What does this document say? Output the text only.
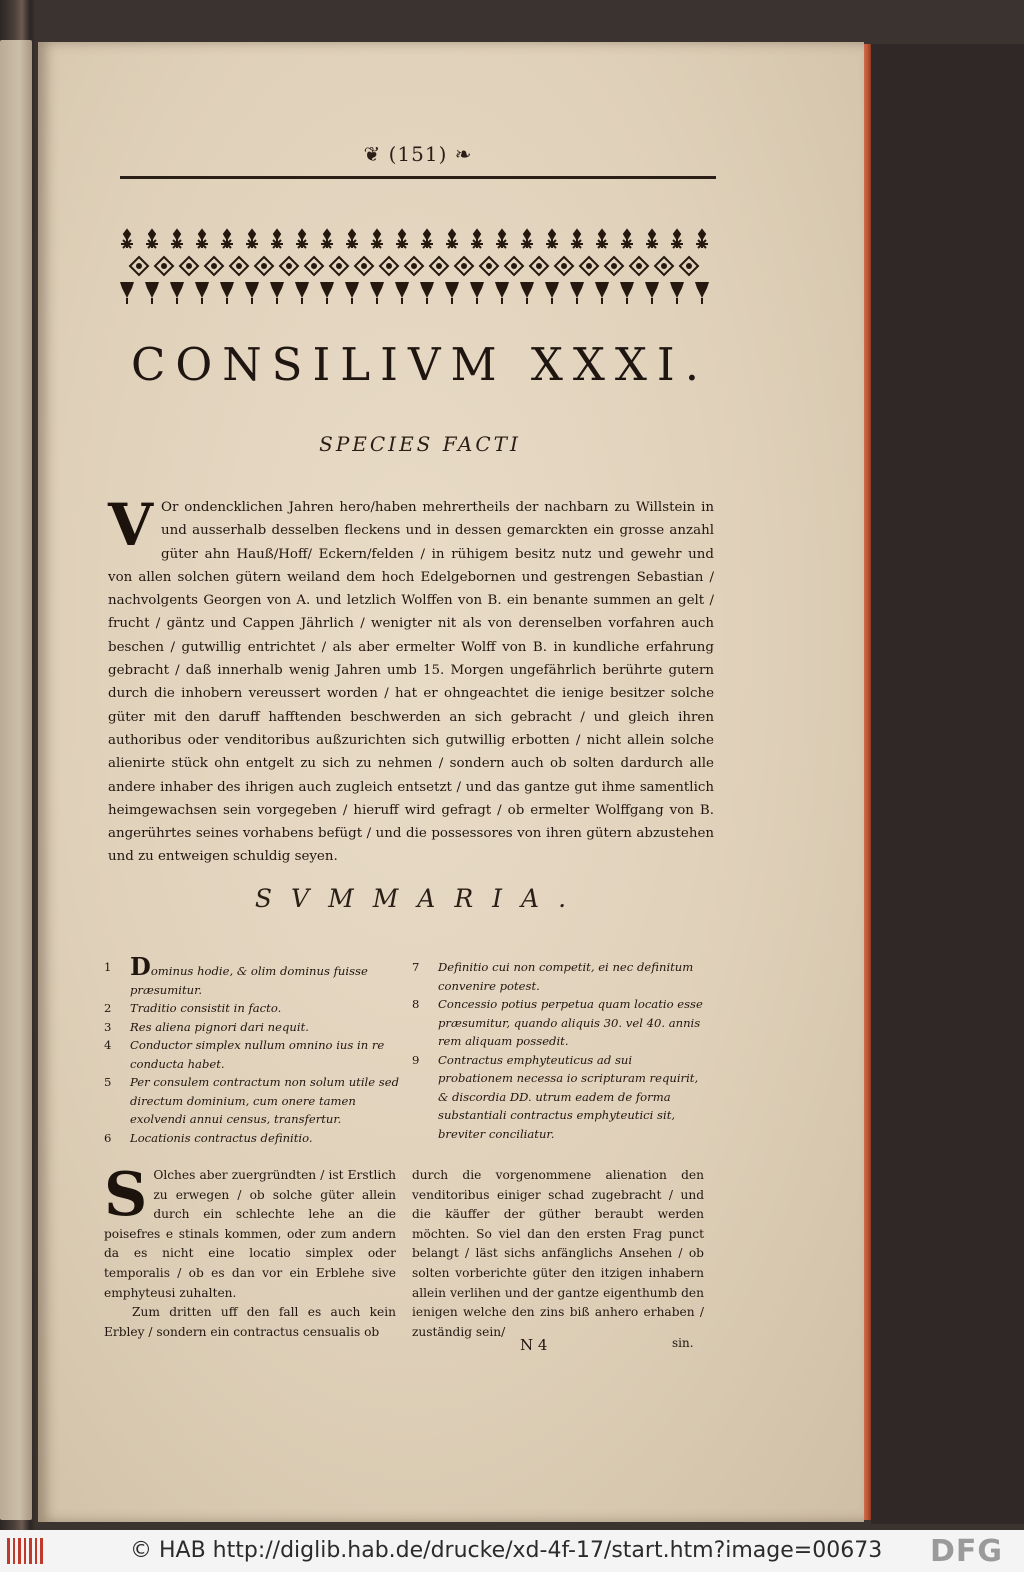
❦ (151) ❧
CONSILIVM XXXI.
SPECIES FACTI
V Or ondencklichen Jahren hero/haben mehrertheils der nachbarn zu Willstein in und ausserhalb desselben fleckens und in dessen gemarckten ein grosse anzahl güter ahn Hauß/Hoff/ Eckern/felden / in rühigem besitz nutz und gewehr und von allen solchen gütern weiland dem hoch Edelgebornen und gestrengen Sebastian / nachvolgents Georgen von A. und letzlich Wolffen von B. ein benante summen an gelt / frucht / gäntz und Cappen Jährlich / wenigter nit als von derenselben vorfahren auch beschen / gutwillig entrichtet / als aber ermelter Wolff von B. in kundliche erfahrung gebracht / daß innerhalb wenig Jahren umb 15. Morgen ungefährlich berührte gutern durch die inhobern vereussert worden / hat er ohngeachtet die ienige besitzer solche güter mit den daruff hafftenden beschwerden an sich gebracht / und gleich ihren authoribus oder venditoribus außzurichten sich gutwillig erbotten / nicht allein solche alienirte stück ohn entgelt zu sich zu nehmen / sondern auch ob solten dardurch alle andere inhaber des ihrigen auch zugleich entsetzt / und das gantze gut ihme samentlich heimgewachsen sein vorgegeben / hieruff wird gefragt / ob ermelter Wolffgang von B. angerührtes seines vorhabens befügt / und die possessores von ihren gütern abzustehen und zu entweigen schuldig seyen.
SVMMARIA.
1 Dominus hodie, & olim dominus fuisse præsumitur.
2	Traditio consistit in facto.
3	Res aliena pignori dari nequit.
4	Conductor simplex nullum omnino ius in re conducta habet.
5	Per consulem contractum non solum utile sed directum dominium, cum onere tamen exolvendi annui census, transfertur.
6	Locationis contractus definitio.
7	Definitio cui non competit, ei nec definitum convenire potest.
8	Concessio potius perpetua quam locatio esse præsumitur, quando aliquis 30. vel 40. annis rem aliquam possedit.
9	Contractus emphyteuticus ad sui probationem necessa io scripturam requirit, & discordia DD. utrum eadem de forma substantiali contractus emphyteutici sit, breviter conciliatur.
S Olches aber zuergründten / ist Erstlich zu erwegen / ob solche güter allein durch ein schlechte lehe an die poisefres e stinals kommen, oder zum andern da es nicht eine locatio simplex oder temporalis / ob es dan vor ein Erblehe sive emphyteusi zuhalten.
Zum dritten uff den fall es auch kein Erbley / sondern ein contractus censualis ob
durch die vorgenommene alienation den venditoribus einiger schad zugebracht / und die käuffer der güther beraubt werden möchten. So viel dan den ersten Frag punct belangt / läst sichs anfänglichs Ansehen / ob solten vorberichte güter den itzigen inhabern allein verlihen und der gantze eigenthumb den ienigen welche den zins biß anhero erhaben / zuständig sein/
N 4	sin.
© HAB http://diglib.hab.de/drucke/xd-4f-17/start.htm?image=00673 DFG
